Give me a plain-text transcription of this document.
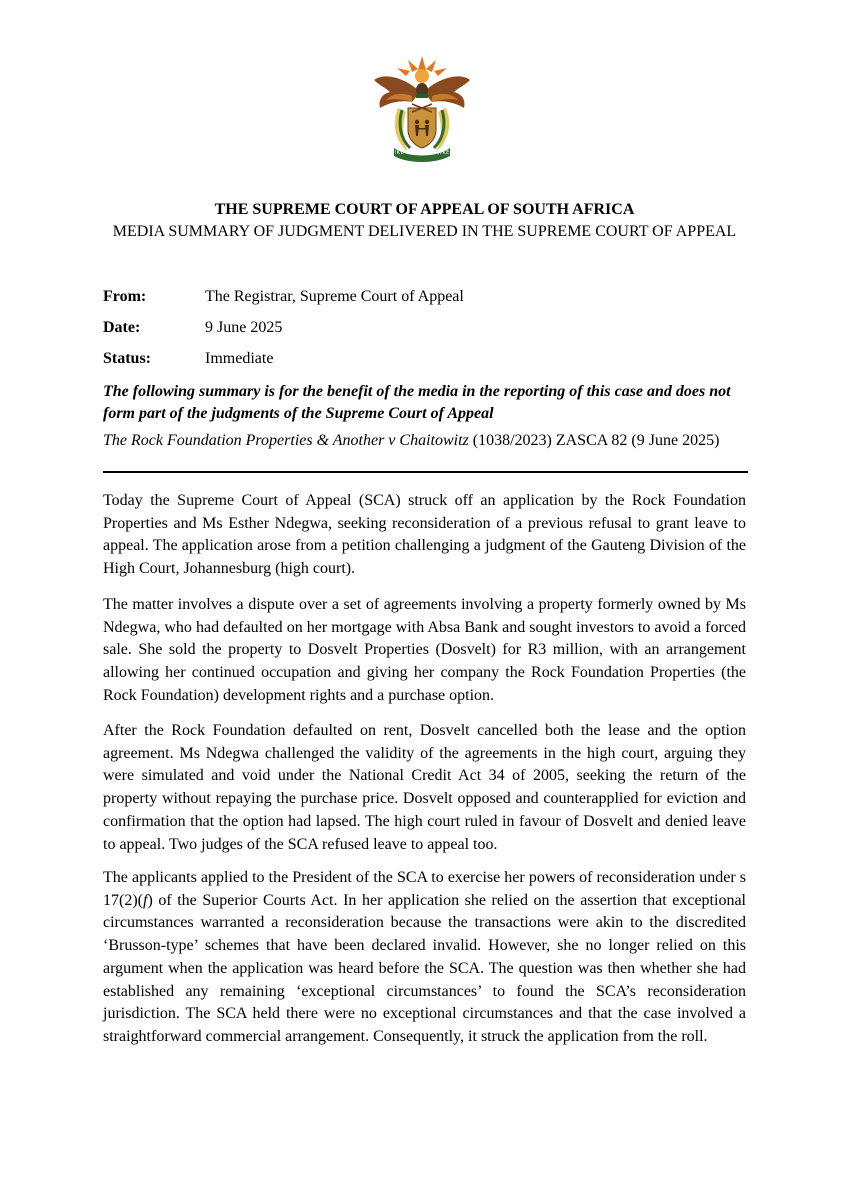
!KE E: /XARRA //KE
THE SUPREME COURT OF APPEAL OF SOUTH AFRICA
MEDIA SUMMARY OF JUDGMENT DELIVERED IN THE SUPREME COURT OF APPEAL
From:	The Registrar, Supreme Court of Appeal
Date:	9 June 2025
Status:	Immediate
The following summary is for the benefit of the media in the reporting of this case and does not form part of the judgments of the Supreme Court of Appeal
The Rock Foundation Properties & Another v Chaitowitz (1038/2023) ZASCA 82 (9 June 2025)

Today the Supreme Court of Appeal (SCA) struck off an application by the Rock Foundation Properties and Ms Esther Ndegwa, seeking reconsideration of a previous refusal to grant leave to appeal. The application arose from a petition challenging a judgment of the Gauteng Division of the High Court, Johannesburg (high court).

The matter involves a dispute over a set of agreements involving a property formerly owned by Ms Ndegwa, who had defaulted on her mortgage with Absa Bank and sought investors to avoid a forced sale. She sold the property to Dosvelt Properties (Dosvelt) for R3 million, with an arrangement allowing her continued occupation and giving her company the Rock Foundation Properties (the Rock Foundation) development rights and a purchase option.

After the Rock Foundation defaulted on rent, Dosvelt cancelled both the lease and the option agreement. Ms Ndegwa challenged the validity of the agreements in the high court, arguing they were simulated and void under the National Credit Act 34 of 2005, seeking the return of the property without repaying the purchase price. Dosvelt opposed and counterapplied for eviction and confirmation that the option had lapsed. The high court ruled in favour of Dosvelt and denied leave to appeal. Two judges of the SCA refused leave to appeal too.

The applicants applied to the President of the SCA to exercise her powers of reconsideration under s 17(2)(f) of the Superior Courts Act. In her application she relied on the assertion that exceptional circumstances warranted a reconsideration because the transactions were akin to the discredited ‘Brusson-type’ schemes that have been declared invalid. However, she no longer relied on this argument when the application was heard before the SCA. The question was then whether she had established any remaining ‘exceptional circumstances’ to found the SCA’s reconsideration jurisdiction. The SCA held there were no exceptional circumstances and that the case involved a straightforward commercial arrangement. Consequently, it struck the application from the roll.
